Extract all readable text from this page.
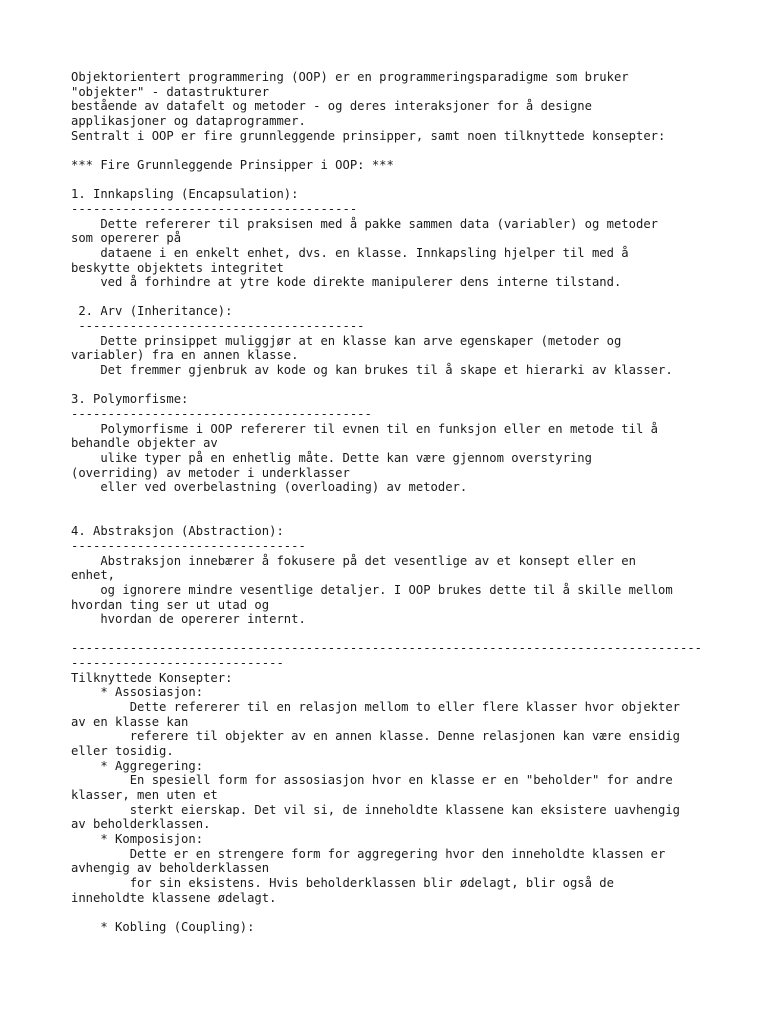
Objektorientert programmering (OOP) er en programmeringsparadigme som bruker
"objekter" - datastrukturer
bestående av datafelt og metoder - og deres interaksjoner for å designe
applikasjoner og dataprogrammer.
Sentralt i OOP er fire grunnleggende prinsipper, samt noen tilknyttede konsepter:
*** Fire Grunnleggende Prinsipper i OOP: ***
1. Innkapsling (Encapsulation):
---------------------------------------
Dette refererer til praksisen med å pakke sammen data (variabler) og metoder
som opererer på
dataene i en enkelt enhet, dvs. en klasse. Innkapsling hjelper til med å
beskytte objektets integritet
ved å forhindre at ytre kode direkte manipulerer dens interne tilstand.
2. Arv (Inheritance):
---------------------------------------
Dette prinsippet muliggjør at en klasse kan arve egenskaper (metoder og
variabler) fra en annen klasse.
Det fremmer gjenbruk av kode og kan brukes til å skape et hierarki av klasser.
3. Polymorfisme:
-----------------------------------------
Polymorfisme i OOP refererer til evnen til en funksjon eller en metode til å
behandle objekter av
ulike typer på en enhetlig måte. Dette kan være gjennom overstyring
(overriding) av metoder i underklasser
eller ved overbelastning (overloading) av metoder.
4. Abstraksjon (Abstraction):
--------------------------------
Abstraksjon innebærer å fokusere på det vesentlige av et konsept eller en
enhet,
og ignorere mindre vesentlige detaljer. I OOP brukes dette til å skille mellom
hvordan ting ser ut utad og
hvordan de opererer internt.
--------------------------------------------------------------------------------------
-----------------------------
Tilknyttede Konsepter:
* Assosiasjon:
Dette refererer til en relasjon mellom to eller flere klasser hvor objekter
av en klasse kan
referere til objekter av en annen klasse. Denne relasjonen kan være ensidig
eller tosidig.
* Aggregering:
En spesiell form for assosiasjon hvor en klasse er en "beholder" for andre
klasser, men uten et
sterkt eierskap. Det vil si, de inneholdte klassene kan eksistere uavhengig
av beholderklassen.
* Komposisjon:
Dette er en strengere form for aggregering hvor den inneholdte klassen er
avhengig av beholderklassen
for sin eksistens. Hvis beholderklassen blir ødelagt, blir også de
inneholdte klassene ødelagt.
* Kobling (Coupling):
